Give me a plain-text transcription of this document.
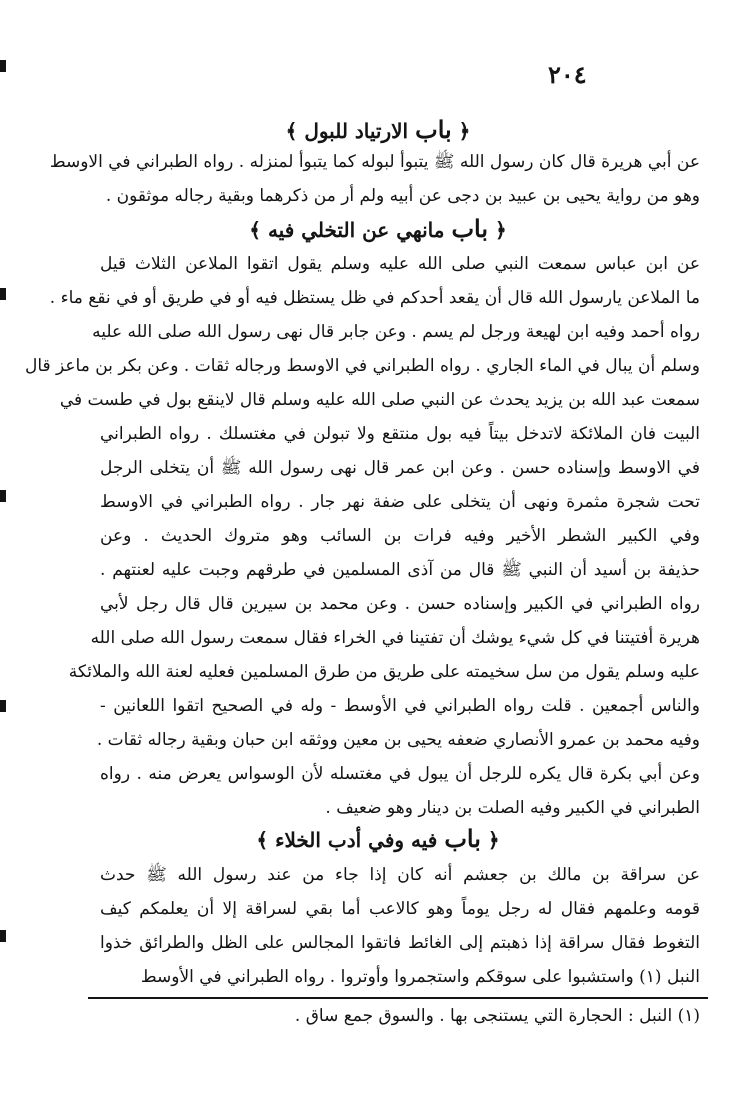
٢٠٤
﴿ باب الارتياد للبول ﴾
عن أبي هريرة قال كان رسول الله ﷺ يتبوأ لبوله كما يتبوأ لمنزله . رواه الطبراني في الاوسط
وهو من رواية يحيى بن عبيد بن دجى عن أبيه ولم أر من ذكرهما وبقية رجاله موثقون .
﴿ باب مانهي عن التخلي فيه ﴾
عن ابن عباس سمعت النبي صلى الله عليه وسلم يقول اتقوا الملاعن الثلاث قيل
ما الملاعن يارسول الله قال أن يقعد أحدكم في ظل يستظل فيه أو في طريق أو في نقع ماء .
رواه أحمد وفيه ابن لهيعة ورجل لم يسم . وعن جابر قال نهى رسول الله صلى الله عليه
وسلم أن يبال في الماء الجاري . رواه الطبراني في الاوسط ورجاله ثقات . وعن بكر بن ماعز قال
سمعت عبد الله بن يزيد يحدث عن النبي صلى الله عليه وسلم قال لاينقع بول في طست في
البيت فان الملائكة لاتدخل بيتاً فيه بول منتقع ولا تبولن في مغتسلك . رواه الطبراني
في الاوسط وإسناده حسن . وعن ابن عمر قال نهى رسول الله ﷺ أن يتخلى الرجل
تحت شجرة مثمرة ونهى أن يتخلى على ضفة نهر جار . رواه الطبراني في الاوسط
وفي الكبير الشطر الأخير وفيه فرات بن السائب وهو متروك الحديث . وعن
حذيفة بن أسيد أن النبي ﷺ قال من آذى المسلمين في طرقهم وجبت عليه لعنتهم .
رواه الطبراني في الكبير وإسناده حسن . وعن محمد بن سيرين قال قال رجل لأبي
هريرة أفتيتنا في كل شيء يوشك أن تفتينا في الخراء فقال سمعت رسول الله صلى الله
عليه وسلم يقول من سل سخيمته على طريق من طرق المسلمين فعليه لعنة الله والملائكة
والناس أجمعين . قلت رواه الطبراني في الأوسط - وله في الصحيح اتقوا اللعانين -
وفيه محمد بن عمرو الأنصاري ضعفه يحيى بن معين ووثقه ابن حبان وبقية رجاله ثقات .
وعن أبي بكرة قال يكره للرجل أن يبول في مغتسله لأن الوسواس يعرض منه . رواه
الطبراني في الكبير وفيه الصلت بن دينار وهو ضعيف .
﴿ باب فيه وفي أدب الخلاء ﴾
عن سراقة بن مالك بن جعشم أنه كان إذا جاء من عند رسول الله ﷺ حدث
قومه وعلمهم فقال له رجل يوماً وهو كالاعب أما بقي لسراقة إلا أن يعلمكم كيف
التغوط فقال سراقة إذا ذهبتم إلى الغائط فاتقوا المجالس على الظل والطرائق خذوا
النبل (١) واستشبوا على سوقكم واستجمروا وأوتروا . رواه الطبراني في الأوسط
(١) النبل : الحجارة التي يستنجى بها . والسوق جمع ساق .
